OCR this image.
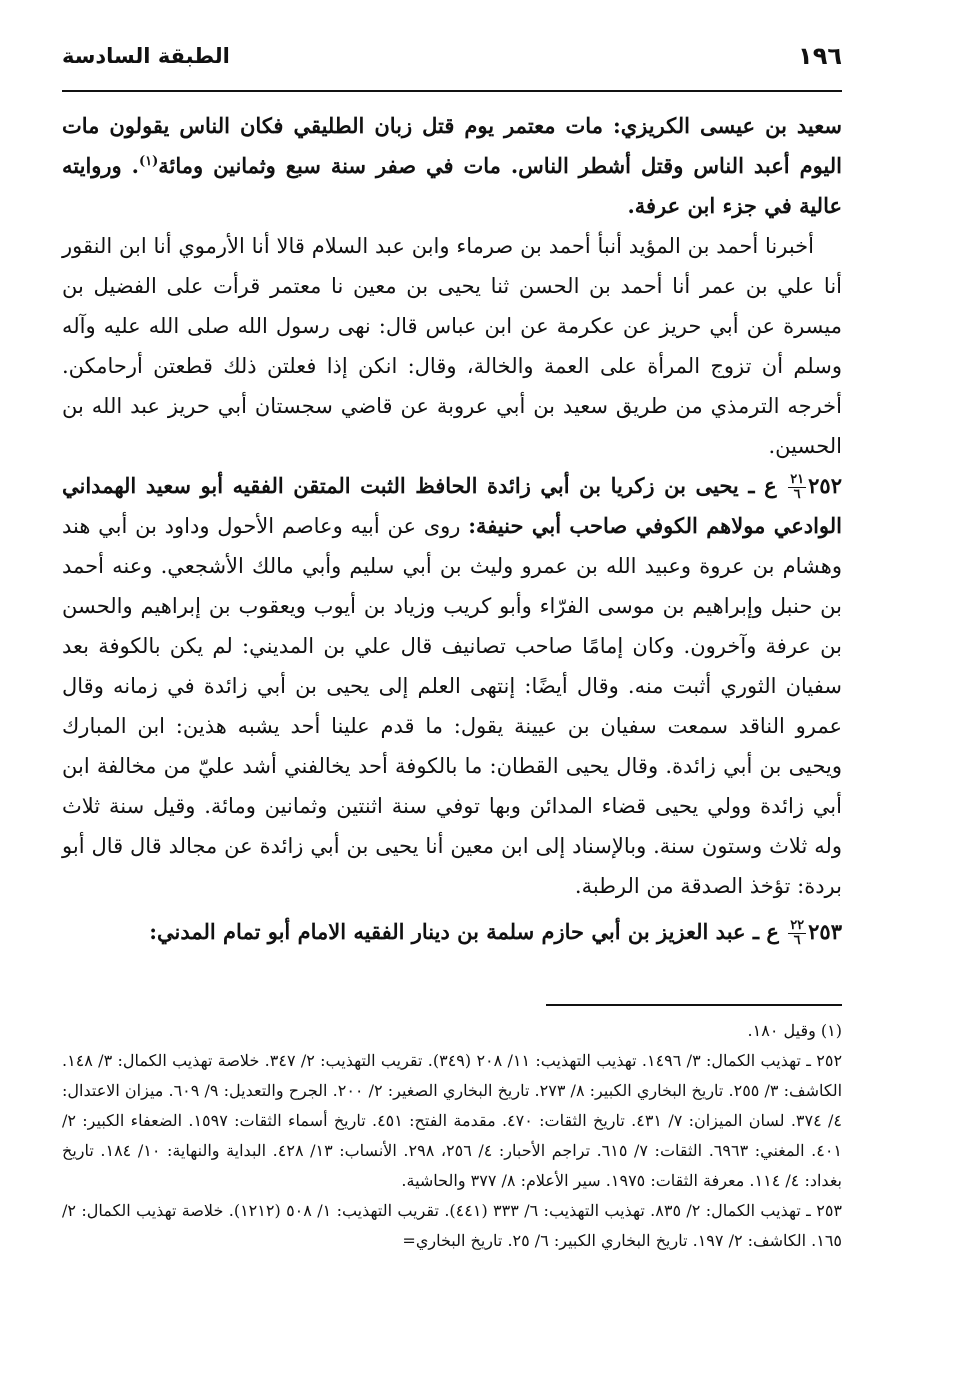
١٩٦
الطبقة السادسة

سعيد بن عيسى الكريزي: مات معتمر يوم قتل زبان الطليقي فكان الناس يقولون مات اليوم أعبد الناس وقتل أشطر الناس. مات في صفر سنة سبع وثمانين ومائة$^{(١)}$. وروايته عالية في جزء ابن عرفة.

أخبرنا أحمد بن المؤيد أنبأ أحمد بن صرماء وابن عبد السلام قالا أنا الأرموي أنا ابن النقور أنا علي بن عمر أنا أحمد بن الحسن ثنا يحيى بن معين نا معتمر قرأت على الفضيل بن ميسرة عن أبي حريز عن عكرمة عن ابن عباس قال: نهى رسول الله صلى الله عليه وآله وسلم أن تزوج المرأة على العمة والخالة، وقال: انكن إذا فعلتن ذلك قطعتن أرحامكن. أخرجه الترمذي من طريق سعيد بن أبي عروبة عن قاضي سجستان أبي حريز عبد الله بن الحسين.

٢٥٢
$\frac{٢١}{٦}$
ع ـ يحيى بن زكريا بن أبي زائدة الحافظ الثبت المتقن الفقيه أبو سعيد الهمداني الوادعي مولاهم الكوفي صاحب أبي حنيفة: روى عن أبيه وعاصم الأحول وداود بن أبي هند وهشام بن عروة وعبيد الله بن عمرو وليث بن أبي سليم وأبي مالك الأشجعي. وعنه أحمد بن حنبل وإبراهيم بن موسى الفرّاء وأبو كريب وزياد بن أيوب ويعقوب بن إبراهيم والحسن بن عرفة وآخرون. وكان إمامًا صاحب تصانيف قال علي بن المديني: لم يكن بالكوفة بعد سفيان الثوري أثبت منه. وقال أيضًا: إنتهى العلم إلى يحيى بن أبي زائدة في زمانه وقال عمرو الناقد سمعت سفيان بن عيينة يقول: ما قدم علينا أحد يشبه هذين: ابن المبارك ويحيى بن أبي زائدة. وقال يحيى القطان: ما بالكوفة أحد يخالفني أشد عليّ من مخالفة ابن أبي زائدة وولي يحيى قضاء المدائن وبها توفي سنة اثنتين وثمانين ومائة. وقيل سنة ثلاث وله ثلاث وستون سنة. وبالإسناد إلى ابن معين أنا يحيى بن أبي زائدة عن مجالد قال قال أبو بردة: تؤخذ الصدقة من الرطبة.

٢٥٣
$\frac{٢٢}{٦}$
ع ـ عبد العزيز بن أبي حازم سلمة بن دينار الفقيه الامام أبو تمام المدني:

(١) وقيل ١٨٠.

٢٥٢ ـ تهذيب الكمال: ٣/ ١٤٩٦. تهذيب التهذيب: ١١/ ٢٠٨ (٣٤٩). تقريب التهذيب: ٢/ ٣٤٧. خلاصة تهذيب الكمال: ٣/ ١٤٨. الكاشف: ٣/ ٢٥٥. تاريخ البخاري الكبير: ٨/ ٢٧٣. تاريخ البخاري الصغير: ٢/ ٢٠٠. الجرح والتعديل: ٩/ ٦٠٩. ميزان الاعتدال: ٤/ ٣٧٤. لسان الميزان: ٧/ ٤٣١. تاريخ الثقات: ٤٧٠. مقدمة الفتح: ٤٥١. تاريخ أسماء الثقات: ١٥٩٧. الضعفاء الكبير: ٢/ ٤٠١. المغني: ٦٩٦٣. الثقات: ٧/ ٦١٥. تراجم الأحبار: ٤/ ٢٥٦، ٢٩٨. الأنساب: ١٣/ ٤٢٨. البداية والنهاية: ١٠/ ١٨٤. تاريخ بغداد: ٤/ ١١٤. معرفة الثقات: ١٩٧٥. سير الأعلام: ٨/ ٣٧٧ والحاشية.

٢٥٣ ـ تهذيب الكمال: ٢/ ٨٣٥. تهذيب التهذيب: ٦/ ٣٣٣ (٤٤١). تقريب التهذيب: ١/ ٥٠٨ (١٢١٢). خلاصة تهذيب الكمال: ٢/ ١٦٥. الكاشف: ٢/ ١٩٧. تاريخ البخاري الكبير: ٦/ ٢٥. تاريخ البخاري=
